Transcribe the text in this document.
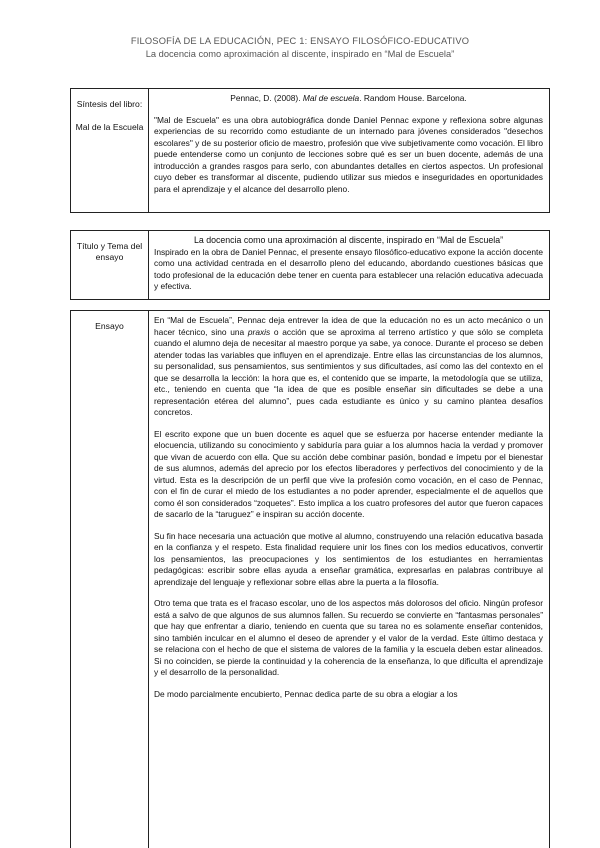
FILOSOFÍA DE LA EDUCACIÓN, PEC 1: ENSAYO FILOSÓFICO-EDUCATIVO
La docencia como aproximación al discente, inspirado en “Mal de Escuela”
Síntesis del libro:
Mal de la Escuela

Pennac, D. (2008). Mal de escuela. Random House. Barcelona.

"Mal de Escuela" es una obra autobiográfica donde Daniel Pennac expone y reflexiona sobre algunas experiencias de su recorrido como estudiante de un internado para jóvenes considerados "desechos escolares" y de su posterior oficio de maestro, profesión que vive subjetivamente como vocación. El libro puede entenderse como un conjunto de lecciones sobre qué es ser un buen docente, además de una introducción a grandes rasgos para serlo, con abundantes detalles en ciertos aspectos. Un profesional cuyo deber es transformar al discente, pudiendo utilizar sus miedos e inseguridades en oportunidades para el aprendizaje y el alcance del desarrollo pleno.

Título y Tema del ensayo

La docencia como una aproximación al discente, inspirado en “Mal de Escuela”

Inspirado en la obra de Daniel Pennac, el presente ensayo filosófico-educativo expone la acción docente como una actividad centrada en el desarrollo pleno del educando, abordando cuestiones básicas que todo profesional de la educación debe tener en cuenta para establecer una relación educativa adecuada y efectiva.

Ensayo

En “Mal de Escuela”, Pennac deja entrever la idea de que la educación no es un acto mecánico o un hacer técnico, sino una praxis o acción que se aproxima al terreno artístico y que sólo se completa cuando el alumno deja de necesitar al maestro porque ya sabe, ya conoce. Durante el proceso se deben atender todas las variables que influyen en el aprendizaje. Entre ellas las circunstancias de los alumnos, su personalidad, sus pensamientos, sus sentimientos y sus dificultades, así como las del contexto en el que se desarrolla la lección: la hora que es, el contenido que se imparte, la metodología que se utiliza, etc., teniendo en cuenta que “la idea de que es posible enseñar sin dificultades se debe a una representación etérea del alumno”, pues cada estudiante es único y su camino plantea desafíos concretos.

El escrito expone que un buen docente es aquel que se esfuerza por hacerse entender mediante la elocuencia, utilizando su conocimiento y sabiduría para guiar a los alumnos hacia la verdad y promover que vivan de acuerdo con ella. Que su acción debe combinar pasión, bondad e ímpetu por el bienestar de sus alumnos, además del aprecio por los efectos liberadores y perfectivos del conocimiento y de la virtud. Esta es la descripción de un perfil que vive la profesión como vocación, en el caso de Pennac, con el fin de curar el miedo de los estudiantes a no poder aprender, especialmente el de aquellos que como él son considerados “zoquetes”. Esto implica a los cuatro profesores del autor que fueron capaces de sacarlo de la “taruguez” e inspiran su acción docente.

Su fin hace necesaria una actuación que motive al alumno, construyendo una relación educativa basada en la confianza y el respeto. Esta finalidad requiere unir los fines con los medios educativos, convertir los pensamientos, las preocupaciones y los sentimientos de los estudiantes en herramientas pedagógicas: escribir sobre ellas ayuda a enseñar gramática, expresarlas en palabras contribuye al aprendizaje del lenguaje y reflexionar sobre ellas abre la puerta a la filosofía.

Otro tema que trata es el fracaso escolar, uno de los aspectos más dolorosos del oficio. Ningún profesor está a salvo de que algunos de sus alumnos fallen. Su recuerdo se convierte en “fantasmas personales” que hay que enfrentar a diario, teniendo en cuenta que su tarea no es solamente enseñar contenidos, sino también inculcar en el alumno el deseo de aprender y el valor de la verdad. Este último destaca y se relaciona con el hecho de que el sistema de valores de la familia y la escuela deben estar alineados. Si no coinciden, se pierde la continuidad y la coherencia de la enseñanza, lo que dificulta el aprendizaje y el desarrollo de la personalidad.

De modo parcialmente encubierto, Pennac dedica parte de su obra a elogiar a los
